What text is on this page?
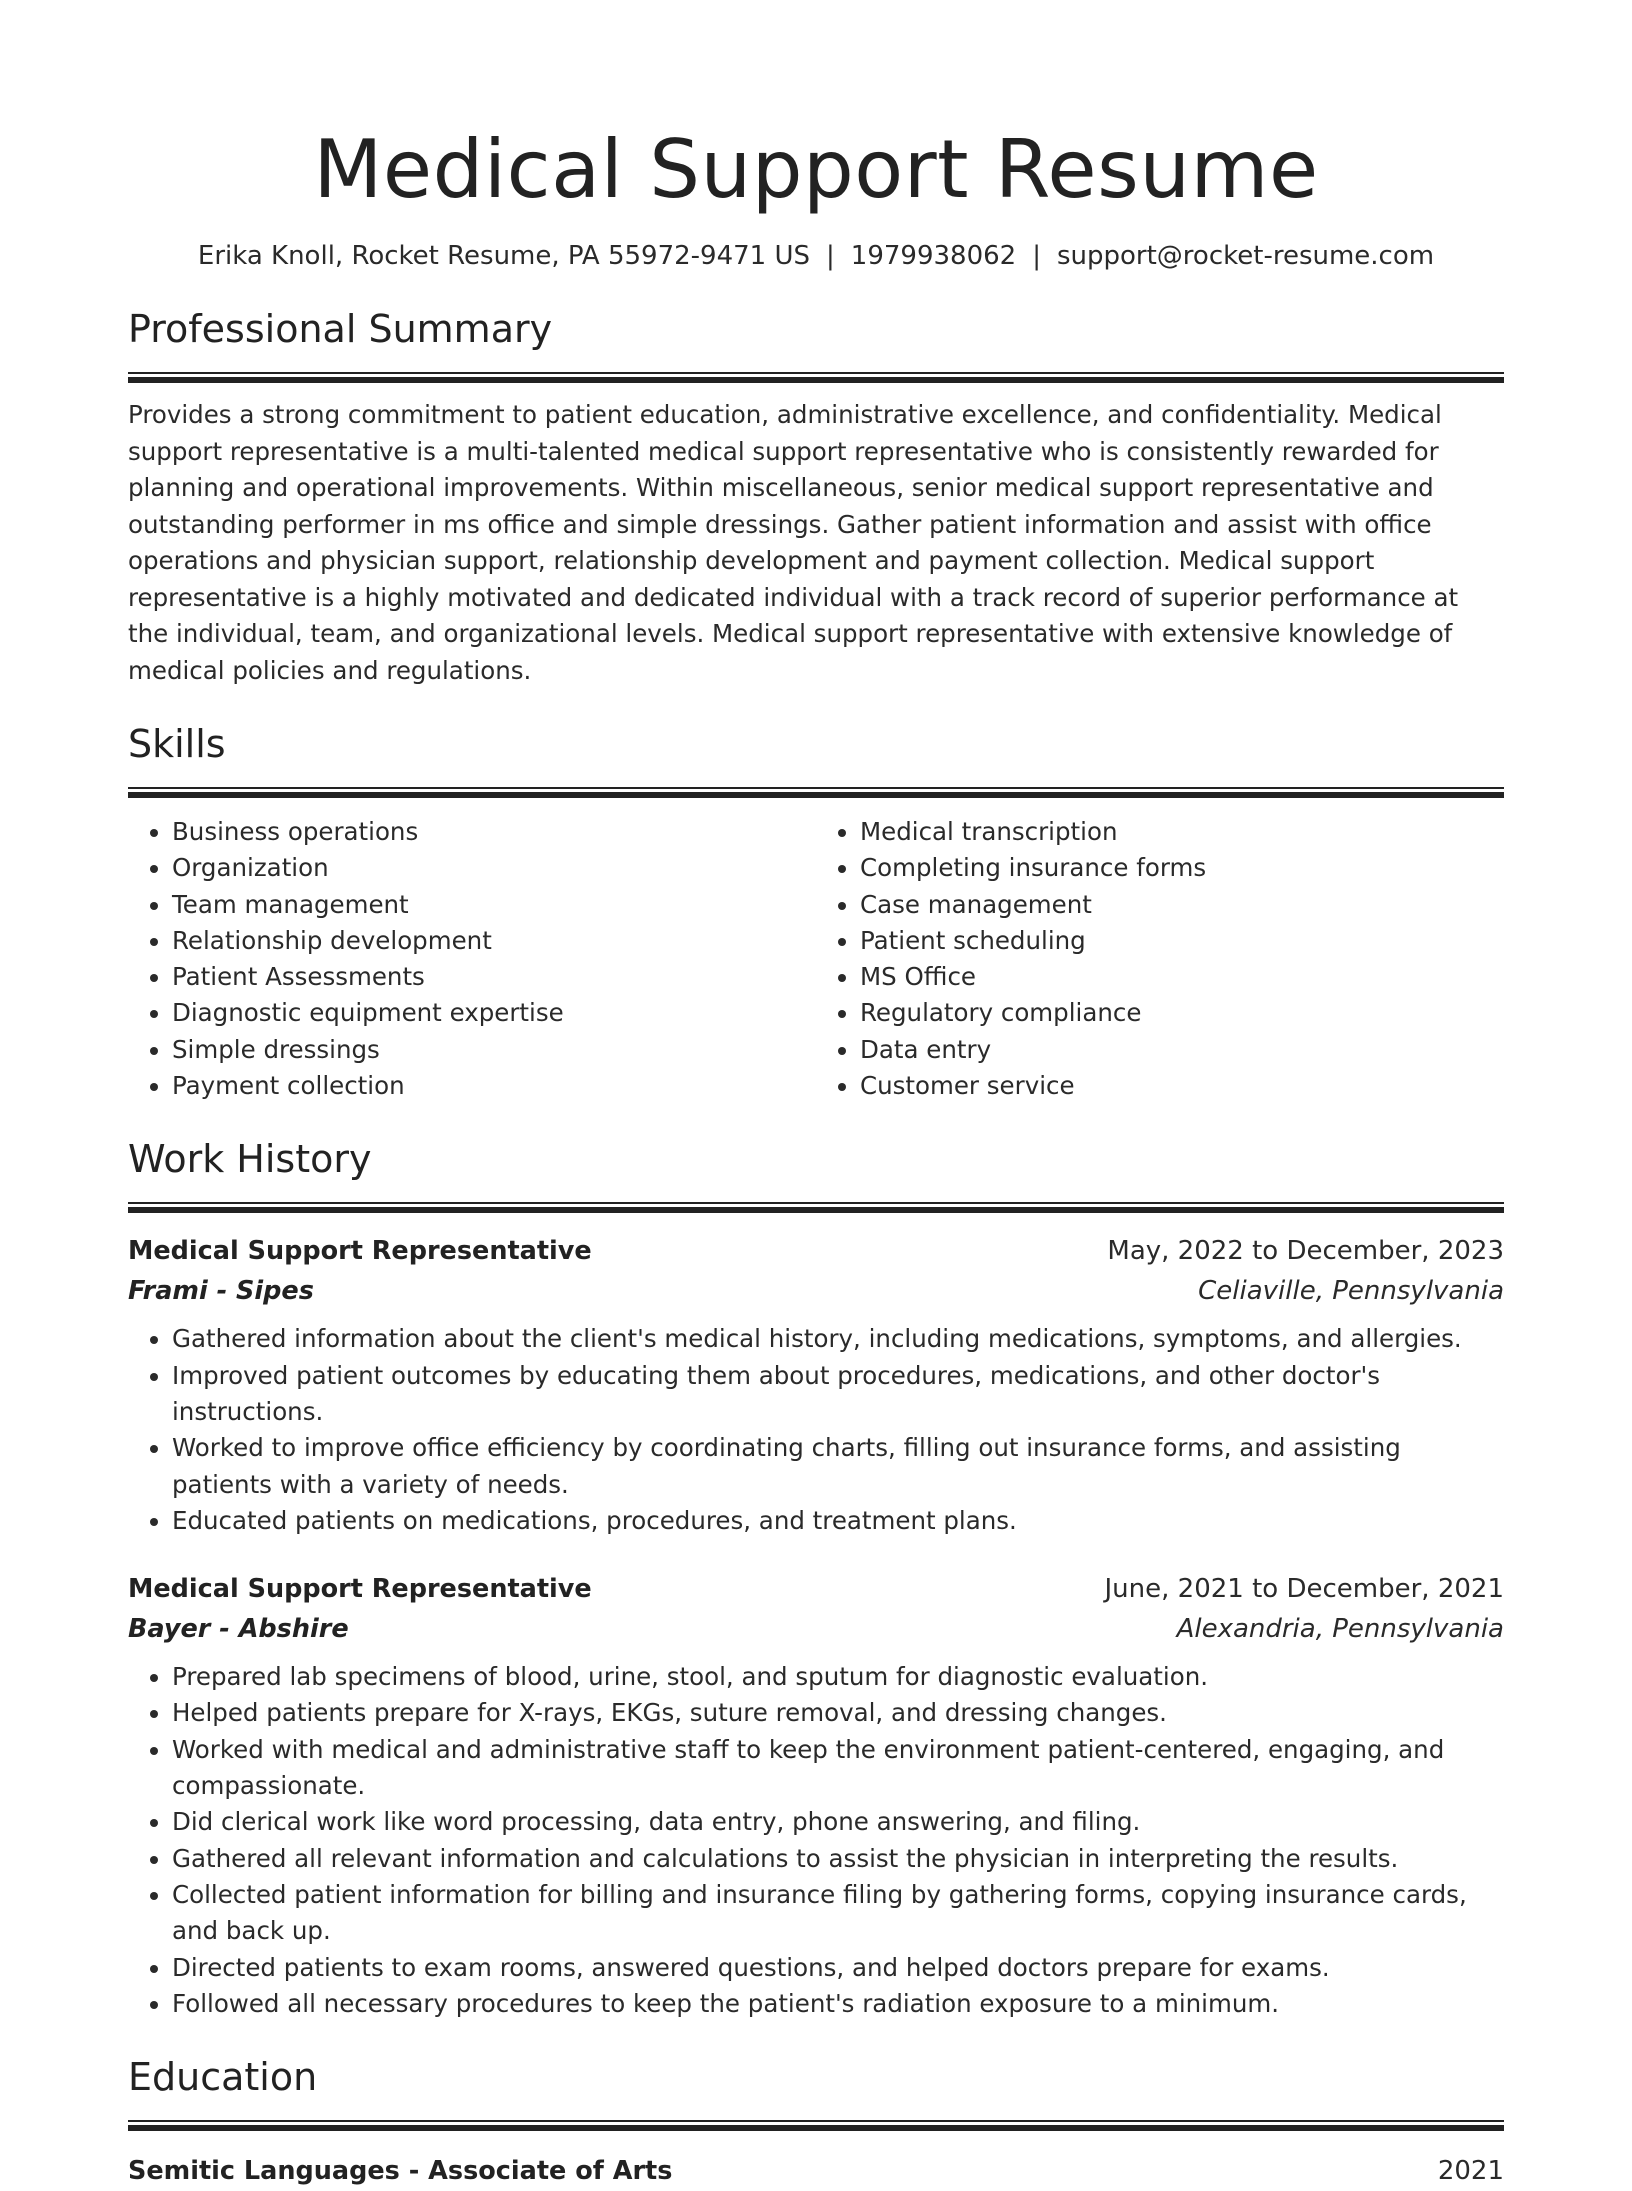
Medical Support Resume
Erika Knoll, Rocket Resume, PA 55972-9471 US | 1979938062 | support@rocket-resume.com
Professional Summary

Provides a strong commitment to patient education, administrative excellence, and confidentiality. Medical support representative is a multi-talented medical support representative who is consistently rewarded for planning and operational improvements. Within miscellaneous, senior medical support representative and outstanding performer in ms office and simple dressings. Gather patient information and assist with office operations and physician support, relationship development and payment collection. Medical support representative is a highly motivated and dedicated individual with a track record of superior performance at the individual, team, and organizational levels. Medical support representative with extensive knowledge of medical policies and regulations.

Skills
• Business operations
• Organization
• Team management
• Relationship development
• Patient Assessments
• Diagnostic equipment expertise
• Simple dressings
• Payment collection
• Medical transcription
• Completing insurance forms
• Case management
• Patient scheduling
• MS Office
• Regulatory compliance
• Data entry
• Customer service
Work History
Medical Support Representative	May, 2022 to December, 2023
Frami - Sipes	Celiaville, Pennsylvania
• Gathered information about the client's medical history, including medications, symptoms, and allergies.
• Improved patient outcomes by educating them about procedures, medications, and other doctor's instructions.
• Worked to improve office efficiency by coordinating charts, filling out insurance forms, and assisting patients with a variety of needs.
• Educated patients on medications, procedures, and treatment plans.
Medical Support Representative	June, 2021 to December, 2021
Bayer - Abshire	Alexandria, Pennsylvania
• Prepared lab specimens of blood, urine, stool, and sputum for diagnostic evaluation.
• Helped patients prepare for X-rays, EKGs, suture removal, and dressing changes.
• Worked with medical and administrative staff to keep the environment patient-centered, engaging, and compassionate.
• Did clerical work like word processing, data entry, phone answering, and filing.
• Gathered all relevant information and calculations to assist the physician in interpreting the results.
• Collected patient information for billing and insurance filing by gathering forms, copying insurance cards, and back up.
• Directed patients to exam rooms, answered questions, and helped doctors prepare for exams.
• Followed all necessary procedures to keep the patient's radiation exposure to a minimum.
Education
Semitic Languages - Associate of Arts	2021
